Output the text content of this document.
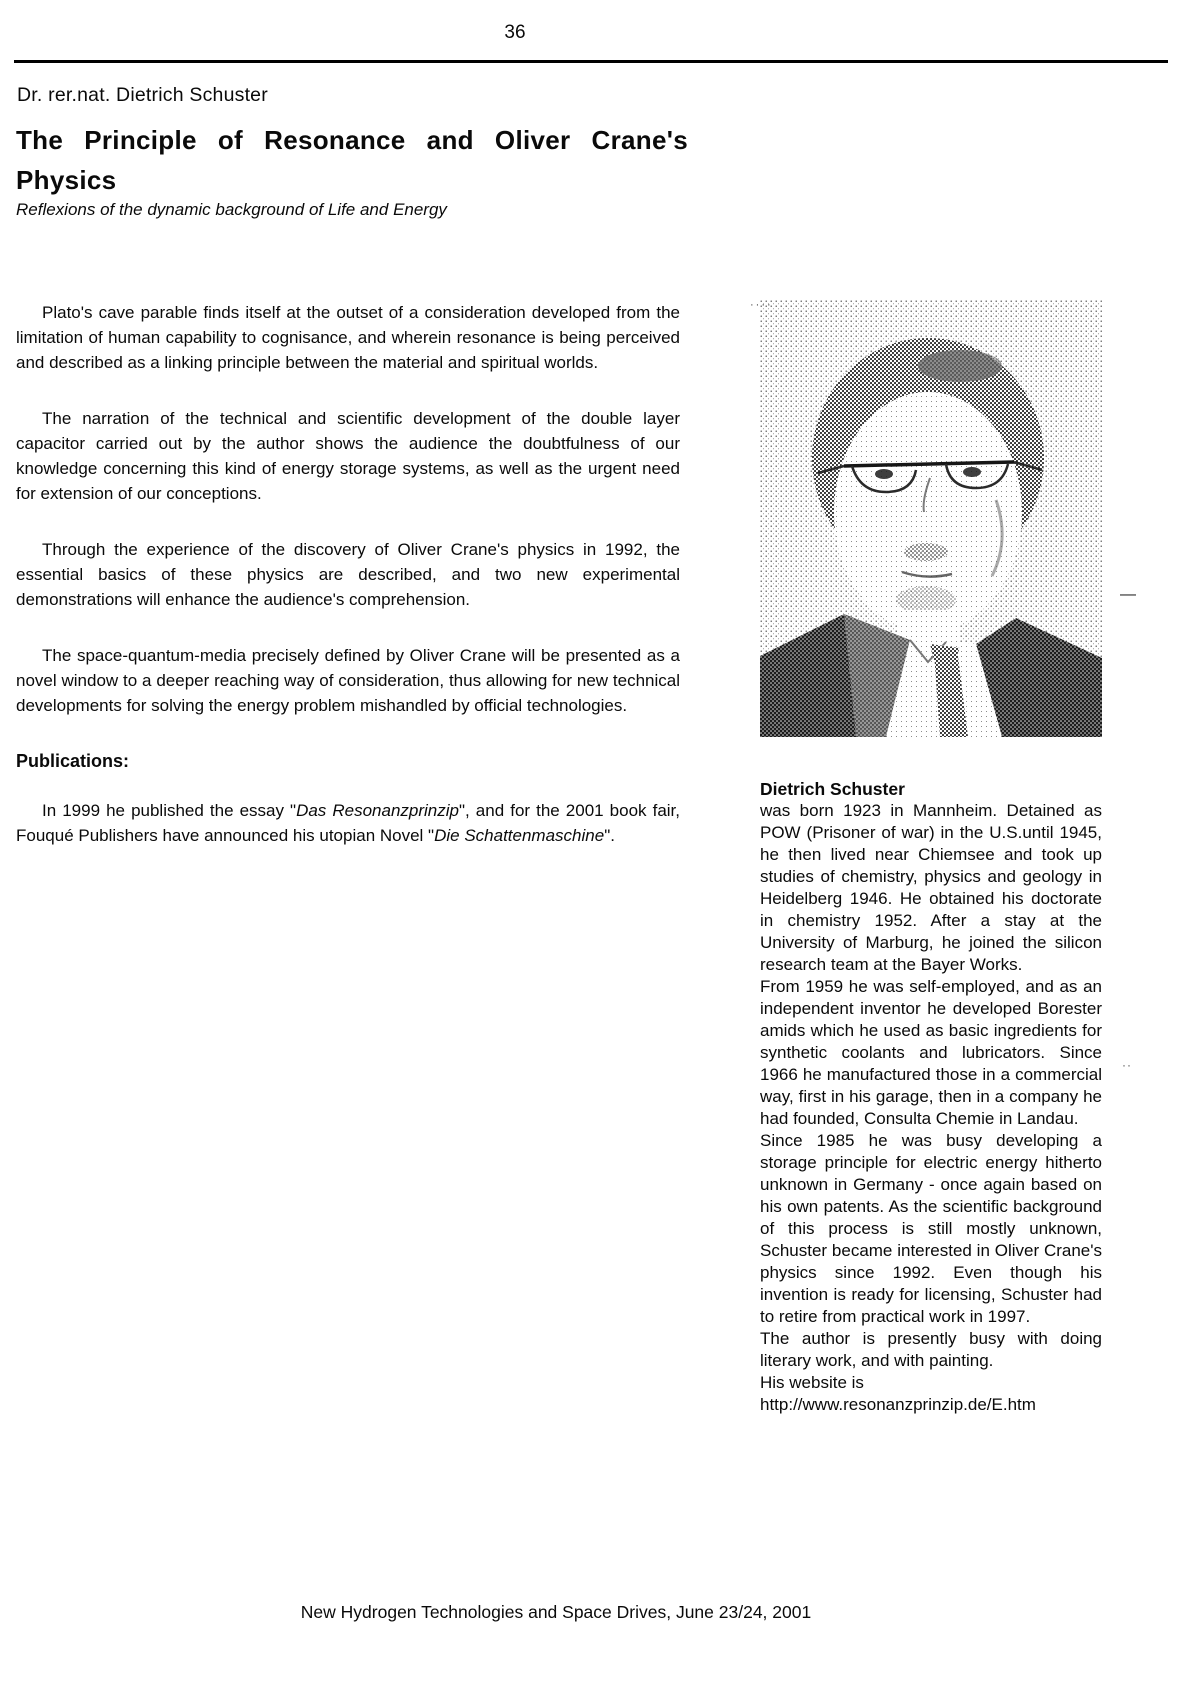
36
Dr. rer.nat. Dietrich Schuster
The Principle of Resonance and Oliver Crane's Physics
Reflexions of the dynamic background of Life and Energy

Plato's cave parable finds itself at the outset of a consideration developed from the limitation of human capability to cognisance, and wherein resonance is being perceived and described as a linking principle between the material and spiritual worlds.

The narration of the technical and scientific development of the double layer capacitor carried out by the author shows the audience the doubtfulness of our knowledge concerning this kind of energy storage systems, as well as the urgent need for extension of our conceptions.

Through the experience of the discovery of Oliver Crane's physics in 1992, the essential basics of these physics are described, and two new experimental demonstrations will enhance the audience's comprehension.

The space-quantum-media precisely defined by Oliver Crane will be presented as a novel window to a deeper reaching way of consideration, thus allowing for new technical developments for solving the energy problem mishandled by official technologies.

Publications:

In 1999 he published the essay "Das Resonanzprinzip", and for the 2001 book fair, Fouqué Publishers have announced his utopian Novel "Die Schattenmaschine".

Dietrich Schuster

was born 1923 in Mannheim. Detained as POW (Prisoner of war) in the U.S.until 1945, he then lived near Chiemsee and took up studies of chemistry, physics and geology in Heidelberg 1946. He obtained his doctorate in chemistry 1952. After a stay at the University of Marburg, he joined the silicon research team at the Bayer Works.

From 1959 he was self-employed, and as an independent inventor he developed Borester amids which he used as basic ingredients for synthetic coolants and lubricators. Since 1966 he manufactured those in a commercial way, first in his garage, then in a company he had founded, Consulta Chemie in Landau.

Since 1985 he was busy developing a storage principle for electric energy hitherto unknown in Germany - once again based on his own patents. As the scientific background of this process is still mostly unknown, Schuster became interested in Oliver Crane's physics since 1992. Even though his invention is ready for licensing, Schuster had to retire from practical work in 1997.

The author is presently busy with doing literary work, and with painting.

His website is

http://www.resonanzprinzip.de/E.htm

New Hydrogen Technologies and Space Drives, June 23/24, 2001
····
—
··
